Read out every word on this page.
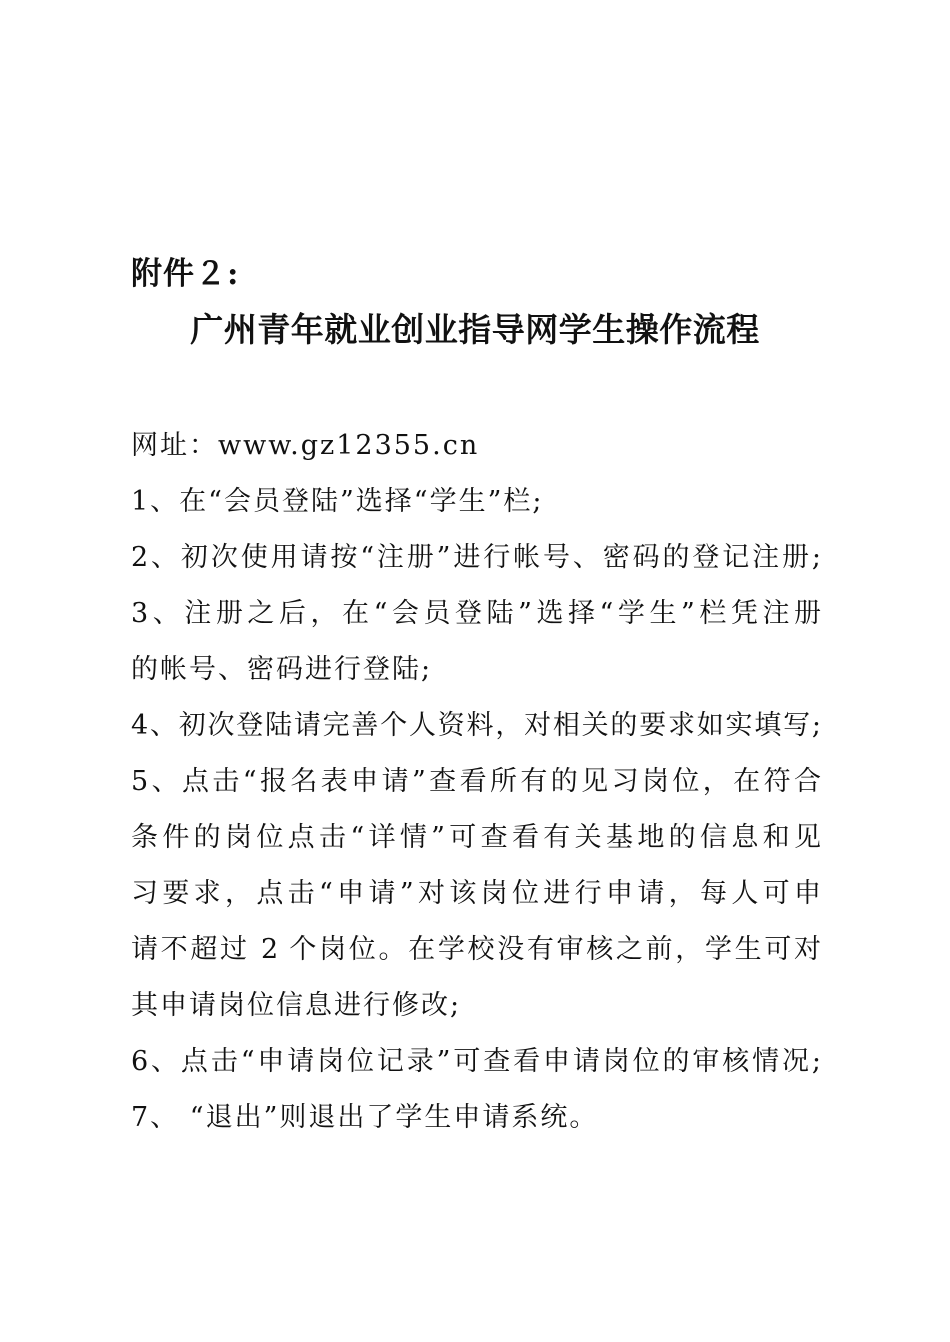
附件２:
广州青年就业创业指导网学生操作流程
网址：www.gz12355.cn
1、在“会员登陆”选择“学生”栏;
2、初次使用请按“注册”进行帐号、密码的登记注册;
3、注册之后，在“会员登陆”选择“学生”栏凭注册
的帐号、密码进行登陆;
4、初次登陆请完善个人资料，对相关的要求如实填写;
5、点击“报名表申请”查看所有的见习岗位，在符合
条件的岗位点击“详情”可查看有关基地的信息和见
习要求，点击“申请”对该岗位进行申请，每人可申
请不超过 2 个岗位。在学校没有审核之前，学生可对
其申请岗位信息进行修改;
6、点击“申请岗位记录”可查看申请岗位的审核情况;
7、 “退出”则退出了学生申请系统。
